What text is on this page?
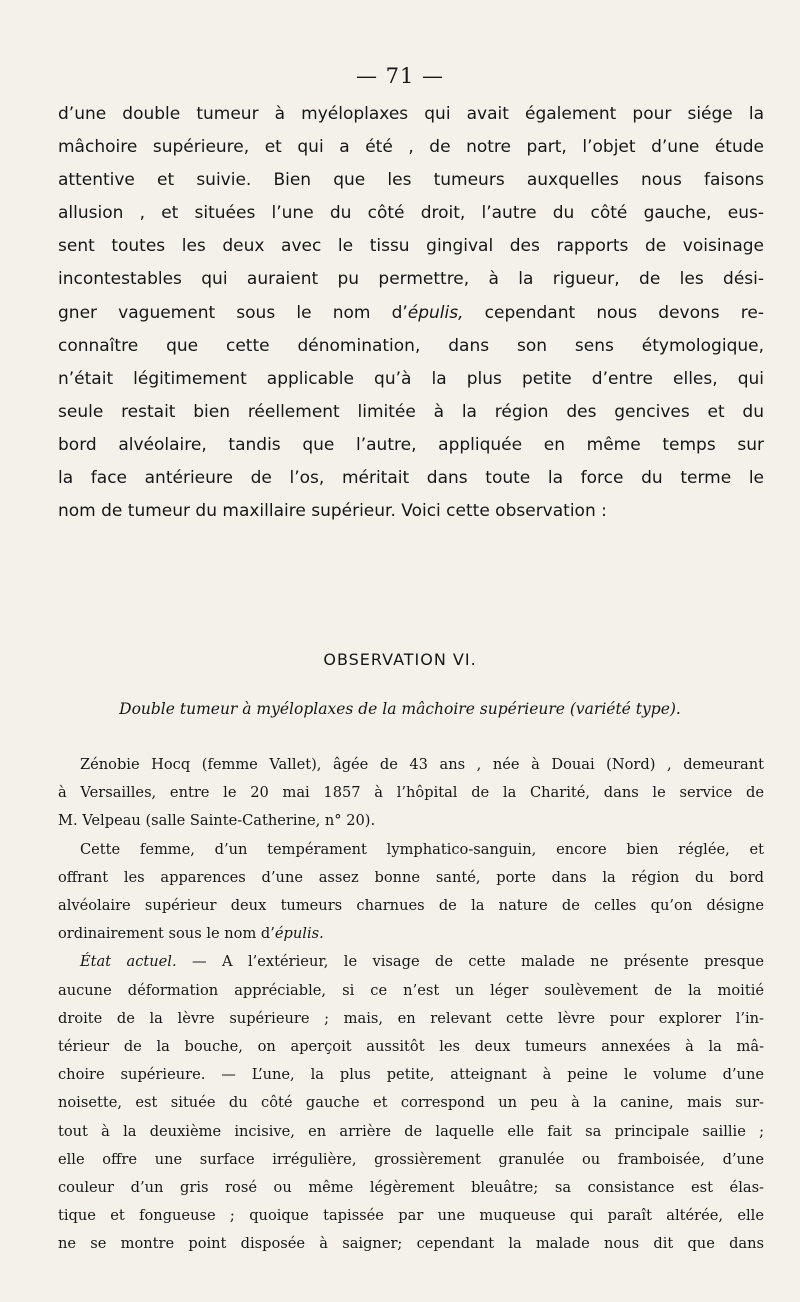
— 71 —
d’une double tumeur à myéloplaxes qui avait également pour siége la
mâchoire supérieure, et qui a été , de notre part, l’objet d’une étude
attentive et suivie. Bien que les tumeurs auxquelles nous faisons
allusion , et situées l’une du côté droit, l’autre du côté gauche, eus-
sent toutes les deux avec le tissu gingival des rapports de voisinage
incontestables qui auraient pu permettre, à la rigueur, de les dési-
gner vaguement sous le nom d’épulis, cependant nous devons re-
connaître que cette dénomination, dans son sens étymologique,
n’était légitimement applicable qu’à la plus petite d’entre elles, qui
seule restait bien réellement limitée à la région des gencives et du
bord alvéolaire, tandis que l’autre, appliquée en même temps sur
la face antérieure de l’os, méritait dans toute la force du terme le
nom de tumeur du maxillaire supérieur. Voici cette observation :
OBSERVATION VI.
Double tumeur à myéloplaxes de la mâchoire supérieure (variété type).
Zénobie Hocq (femme Vallet), âgée de 43 ans , née à Douai (Nord) , demeurant
à Versailles, entre le 20 mai 1857 à l’hôpital de la Charité, dans le service de
M. Velpeau (salle Sainte-Catherine, n° 20).
Cette femme, d’un tempérament lymphatico-sanguin, encore bien réglée, et
offrant les apparences d’une assez bonne santé, porte dans la région du bord
alvéolaire supérieur deux tumeurs charnues de la nature de celles qu’on désigne
ordinairement sous le nom d’épulis.
État actuel. — A l’extérieur, le visage de cette malade ne présente presque
aucune déformation appréciable, si ce n’est un léger soulèvement de la moitié
droite de la lèvre supérieure ; mais, en relevant cette lèvre pour explorer l’in-
térieur de la bouche, on aperçoit aussitôt les deux tumeurs annexées à la mâ-
choire supérieure. — L’une, la plus petite, atteignant à peine le volume d’une
noisette, est située du côté gauche et correspond un peu à la canine, mais sur-
tout à la deuxième incisive, en arrière de laquelle elle fait sa principale saillie ;
elle offre une surface irrégulière, grossièrement granulée ou framboisée, d’une
couleur d’un gris rosé ou même légèrement bleuâtre; sa consistance est élas-
tique et fongueuse ; quoique tapissée par une muqueuse qui paraît altérée, elle
ne se montre point disposée à saigner; cependant la malade nous dit que dans
